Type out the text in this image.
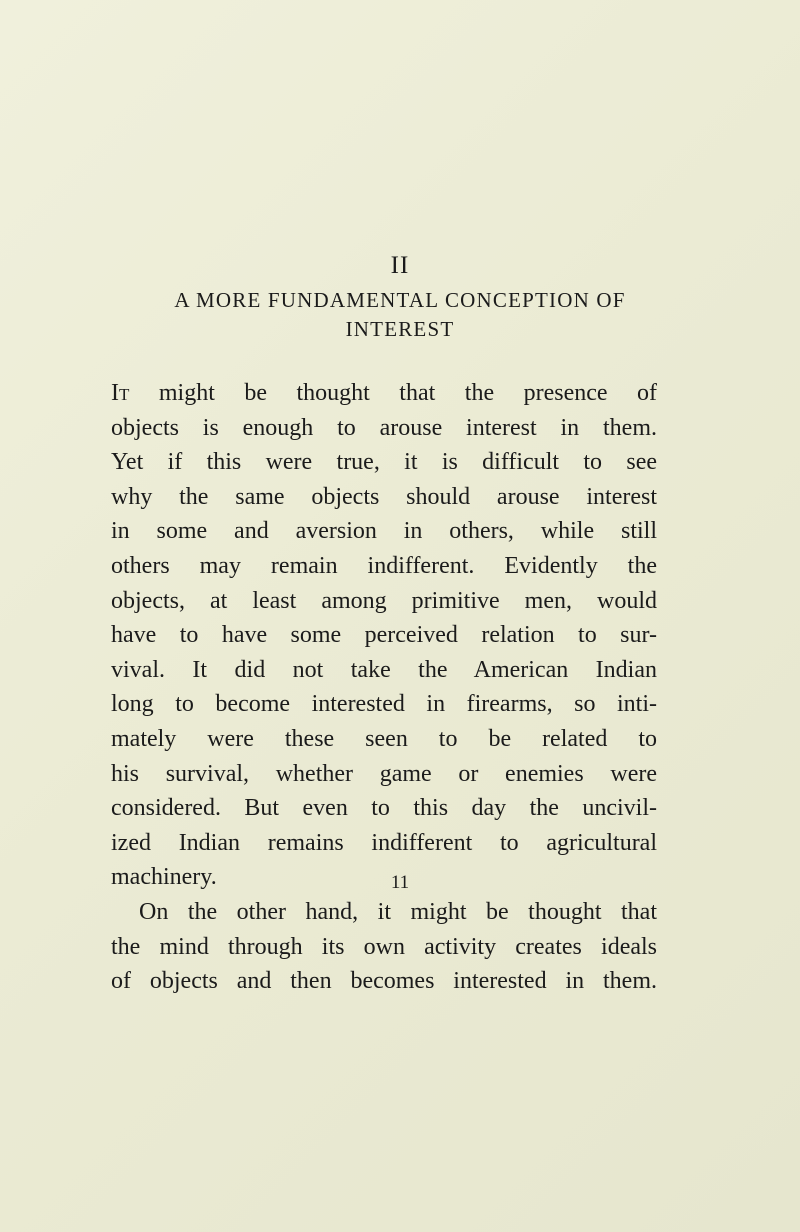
II
A MORE FUNDAMENTAL CONCEPTION OF
INTEREST
It might be thought that the presence of
objects is enough to arouse interest in them.
Yet if this were true, it is difficult to see
why the same objects should arouse interest
in some and aversion in others, while still
others may remain indifferent. Evidently the
objects, at least among primitive men, would
have to have some perceived relation to sur-
vival. It did not take the American Indian
long to become interested in firearms, so inti-
mately were these seen to be related to
his survival, whether game or enemies were
considered. But even to this day the uncivil-
ized Indian remains indifferent to agricultural
machinery.
On the other hand, it might be thought that
the mind through its own activity creates ideals
of objects and then becomes interested in them.
11
